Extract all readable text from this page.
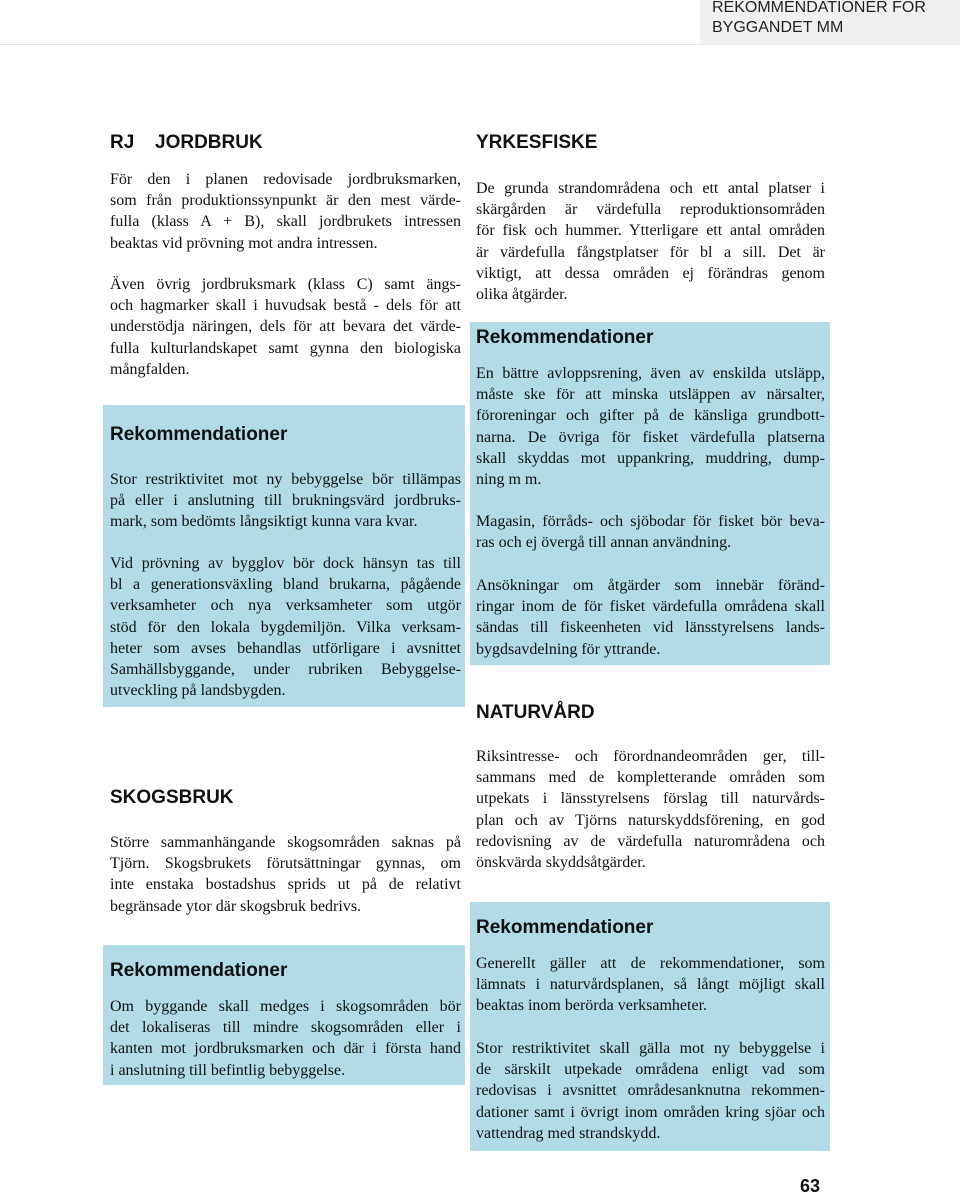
REKOMMENDATIONER FÖR
BYGGANDET MM
RJ JORDBRUK
För den i planen redovisade jordbruksmarken,
som från produktionssynpunkt är den mest värde-
fulla (klass A + B), skall jordbrukets intressen
beaktas vid prövning mot andra intressen.
Även övrig jordbruksmark (klass C) samt ängs-
och hagmarker skall i huvudsak bestå - dels för att
understödja näringen, dels för att bevara det värde-
fulla kulturlandskapet samt gynna den biologiska
mångfalden.
Rekommendationer
Stor restriktivitet mot ny bebyggelse bör tillämpas
på eller i anslutning till brukningsvärd jordbruks-
mark, som bedömts långsiktigt kunna vara kvar.
Vid prövning av bygglov bör dock hänsyn tas till
bl a generationsväxling bland brukarna, pågående
verksamheter och nya verksamheter som utgör
stöd för den lokala bygdemiljön. Vilka verksam-
heter som avses behandlas utförligare i avsnittet
Samhällsbyggande, under rubriken Bebyggelse-
utveckling på landsbygden.
SKOGSBRUK
Större sammanhängande skogsområden saknas på
Tjörn. Skogsbrukets förutsättningar gynnas, om
inte enstaka bostadshus sprids ut på de relativt
begränsade ytor där skogsbruk bedrivs.
Rekommendationer
Om byggande skall medges i skogsområden bör
det lokaliseras till mindre skogsområden eller i
kanten mot jordbruksmarken och där i första hand
i anslutning till befintlig bebyggelse.
YRKESFISKE
De grunda strandområdena och ett antal platser i
skärgården är värdefulla reproduktionsområden
för fisk och hummer. Ytterligare ett antal områden
är värdefulla fångstplatser för bl a sill. Det är
viktigt, att dessa områden ej förändras genom
olika åtgärder.
Rekommendationer
En bättre avloppsrening, även av enskilda utsläpp,
måste ske för att minska utsläppen av närsalter,
föroreningar och gifter på de känsliga grundbott-
narna. De övriga för fisket värdefulla platserna
skall skyddas mot uppankring, muddring, dump-
ning m m.
Magasin, förråds- och sjöbodar för fisket bör beva-
ras och ej övergå till annan användning.
Ansökningar om åtgärder som innebär föränd-
ringar inom de för fisket värdefulla områdena skall
sändas till fiskeenheten vid länsstyrelsens lands-
bygdsavdelning för yttrande.
NATURVÅRD
Riksintresse- och förordnandeområden ger, till-
sammans med de kompletterande områden som
utpekats i länsstyrelsens förslag till naturvårds-
plan och av Tjörns naturskyddsförening, en god
redovisning av de värdefulla naturområdena och
önskvärda skyddsåtgärder.
Rekommendationer
Generellt gäller att de rekommendationer, som
lämnats i naturvårdsplanen, så långt möjligt skall
beaktas inom berörda verksamheter.
Stor restriktivitet skall gälla mot ny bebyggelse i
de särskilt utpekade områdena enligt vad som
redovisas i avsnittet områdesanknutna rekommen-
dationer samt i övrigt inom områden kring sjöar och
vattendrag med strandskydd.
63
